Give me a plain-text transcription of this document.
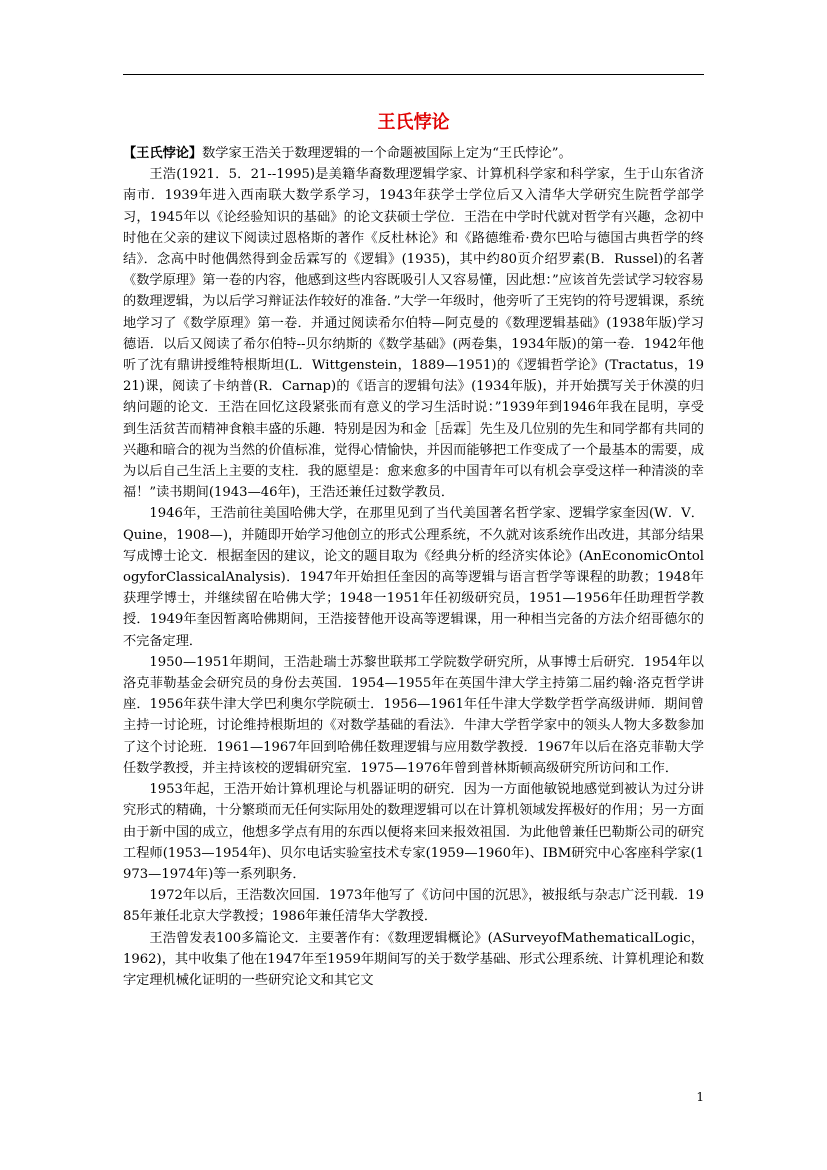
王氏悖论

【王氏悖论】数学家王浩关于数理逻辑的一个命题被国际上定为“王氏悖论”。

王浩(1921．5．21--1995)是美籍华裔数理逻辑学家、计算机科学家和科学家，生于山东省济南市．1939年进入西南联大数学系学习，1943年获学士学位后又入清华大学研究生院哲学部学习，1945年以《论经验知识的基础》的论文获硕士学位．王浩在中学时代就对哲学有兴趣，念初中时他在父亲的建议下阅读过恩格斯的著作《反杜林论》和《路德维希·费尔巴哈与德国古典哲学的终结》．念高中时他偶然得到金岳霖写的《逻辑》(1935)，其中约80页介绍罗素(B．Russel)的名著《数学原理》第一卷的内容，他感到这些内容既吸引人又容易懂，因此想：”应该首先尝试学习较容易的数理逻辑，为以后学习辩证法作较好的准备．”大学一年级时，他旁听了王宪钧的符号逻辑课，系统地学习了《数学原理》第一卷．并通过阅读希尔伯特—阿克曼的《数理逻辑基础》(1938年版)学习德语．以后又阅读了希尔伯特--贝尔纳斯的《数学基础》(两卷集，1934年版)的第一卷．1942年他听了沈有鼎讲授维特根斯坦(L．Wittgenstein，1889—1951)的《逻辑哲学论》(Tractatus，1921)课，阅读了卡纳普(R．Carnap)的《语言的逻辑句法》(1934年版)，并开始撰写关于休漠的归纳问题的论文．王浩在回忆这段紧张而有意义的学习生活时说：”1939年到1946年我在昆明，享受到生活贫苦而精神食粮丰盛的乐趣．特别是因为和金［岳霖］先生及几位别的先生和同学都有共同的兴趣和暗合的视为当然的价值标准，觉得心情愉快，并因而能够把工作变成了一个最基本的需要，成为以后自己生活上主要的支柱．我的愿望是：愈来愈多的中国青年可以有机会享受这样一种清淡的幸福！”读书期间(1943—46年)，王浩还兼任过数学教员．

1946年，王浩前往美国哈佛大学，在那里见到了当代美国著名哲学家、逻辑学家奎因(W．V．Quine，1908—)，并随即开始学习他创立的形式公理系统，不久就对该系统作出改进，其部分结果写成博士论文．根据奎因的建议，论文的题目取为《经典分析的经济实体论》(AnEconomicOntologyforClassicalAnalysis)．1947年开始担任奎因的高等逻辑与语言哲学等课程的助教；1948年获理学博士，并继续留在哈佛大学；1948一1951年任初级研究员，1951—1956年任助理哲学教授．1949年奎因暂离哈佛期间，王浩接替他开设高等逻辑课，用一种相当完备的方法介绍哥德尔的不完备定理．

1950—1951年期间，王浩赴瑞士苏黎世联邦工学院数学研究所，从事博士后研究．1954年以洛克菲勒基金会研究员的身份去英国．1954—1955年在英国牛津大学主持第二届约翰·洛克哲学讲座．1956年获牛津大学巴利奥尔学院硕士．1956—1961年任牛津大学数学哲学高级讲师．期间曾主持一讨论班，讨论维持根斯坦的《对数学基础的看法》．牛津大学哲学家中的领头人物大多数参加了这个讨论班．1961—1967年回到哈佛任数理逻辑与应用数学教授．1967年以后在洛克菲勒大学任数学教授，并主持该校的逻辑研究室．1975—1976年曾到普林斯顿高级研究所访问和工作．

1953年起，王浩开始计算机理论与机器证明的研究．因为一方面他敏锐地感觉到被认为过分讲究形式的精确，十分繁琐而无任何实际用处的数理逻辑可以在计算机领域发挥极好的作用；另一方面由于新中国的成立，他想多学点有用的东西以便将来回来报效祖国．为此他曾兼任巴勒斯公司的研究工程师(1953—1954年)、贝尔电话实验室技术专家(1959—1960年)、IBM研究中心客座科学家(1973—1974年)等一系列职务．

1972年以后，王浩数次回国．1973年他写了《访问中国的沉思》，被报纸与杂志广泛刊载．1985年兼任北京大学教授；1986年兼任清华大学教授．

王浩曾发表100多篇论文．主要著作有：《数理逻辑概论》(ASurveyofMathematicalLogic，1962)，其中收集了他在1947年至1959年期间写的关于数学基础、形式公理系统、计算机理论和数字定理机械化证明的一些研究论文和其它文

1
